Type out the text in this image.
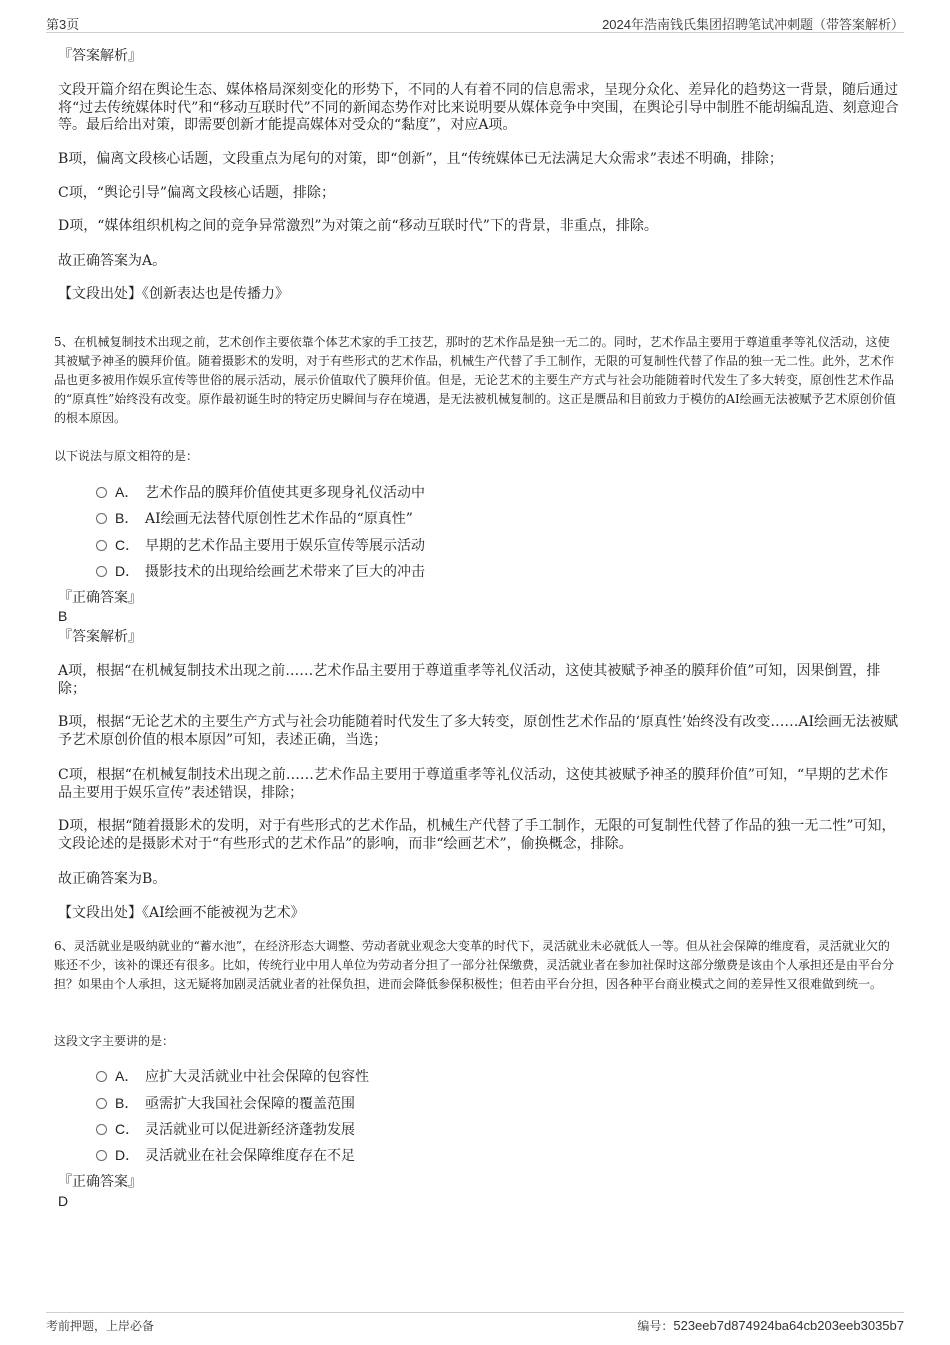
第3页	2024年浩南钱氏集团招聘笔试冲刺题（带答案解析）
『答案解析』
文段开篇介绍在舆论生态、媒体格局深刻变化的形势下，不同的人有着不同的信息需求，呈现分众化、差异化的趋势这一背景，随后通过将“过去传统媒体时代”和“移动互联时代”不同的新闻态势作对比来说明要从媒体竞争中突围，在舆论引导中制胜不能胡编乱造、刻意迎合等。最后给出对策，即需要创新才能提高媒体对受众的“黏度”，对应A项。
B项，偏离文段核心话题，文段重点为尾句的对策，即“创新”，且“传统媒体已无法满足大众需求”表述不明确，排除；
C项，“舆论引导”偏离文段核心话题，排除；
D项，“媒体组织机构之间的竞争异常激烈”为对策之前“移动互联时代”下的背景，非重点，排除。
故正确答案为A。
【文段出处】《创新表达也是传播力》
5、在机械复制技术出现之前，艺术创作主要依靠个体艺术家的手工技艺，那时的艺术作品是独一无二的。同时，艺术作品主要用于尊道重孝等礼仪活动，这使其被赋予神圣的膜拜价值。随着摄影术的发明，对于有些形式的艺术作品，机械生产代替了手工制作，无限的可复制性代替了作品的独一无二性。此外，艺术作品也更多被用作娱乐宣传等世俗的展示活动，展示价值取代了膜拜价值。但是，无论艺术的主要生产方式与社会功能随着时代发生了多大转变，原创性艺术作品的“原真性”始终没有改变。原作最初诞生时的特定历史瞬间与存在境遇，是无法被机械复制的。这正是赝品和目前致力于模仿的AI绘画无法被赋予艺术原创价值的根本原因。
以下说法与原文相符的是：
A． 艺术作品的膜拜价值使其更多现身礼仪活动中
B． AI绘画无法替代原创性艺术作品的“原真性”
C． 早期的艺术作品主要用于娱乐宣传等展示活动
D． 摄影技术的出现给绘画艺术带来了巨大的冲击
『正确答案』
B
『答案解析』
A项，根据“在机械复制技术出现之前……艺术作品主要用于尊道重孝等礼仪活动，这使其被赋予神圣的膜拜价值”可知，因果倒置，排除；
B项，根据“无论艺术的主要生产方式与社会功能随着时代发生了多大转变，原创性艺术作品的‘原真性’始终没有改变……AI绘画无法被赋予艺术原创价值的根本原因”可知，表述正确，当选；
C项，根据“在机械复制技术出现之前……艺术作品主要用于尊道重孝等礼仪活动，这使其被赋予神圣的膜拜价值”可知，“早期的艺术作品主要用于娱乐宣传”表述错误，排除；
D项，根据“随着摄影术的发明，对于有些形式的艺术作品，机械生产代替了手工制作，无限的可复制性代替了作品的独一无二性”可知，文段论述的是摄影术对于“有些形式的艺术作品”的影响，而非“绘画艺术”，偷换概念，排除。
故正确答案为B。
【文段出处】《AI绘画不能被视为艺术》
6、灵活就业是吸纳就业的“蓄水池”，在经济形态大调整、劳动者就业观念大变革的时代下，灵活就业未必就低人一等。但从社会保障的维度看，灵活就业欠的账还不少，该补的课还有很多。比如，传统行业中用人单位为劳动者分担了一部分社保缴费，灵活就业者在参加社保时这部分缴费是该由个人承担还是由平台分担？如果由个人承担，这无疑将加剧灵活就业者的社保负担，进而会降低参保积极性；但若由平台分担，因各种平台商业模式之间的差异性又很难做到统一。
这段文字主要讲的是：
A． 应扩大灵活就业中社会保障的包容性
B． 亟需扩大我国社会保障的覆盖范围
C． 灵活就业可以促进新经济蓬勃发展
D． 灵活就业在社会保障维度存在不足
『正确答案』
D
考前押题，上岸必备	编号：523eeb7d874924ba64cb203eeb3035b7
